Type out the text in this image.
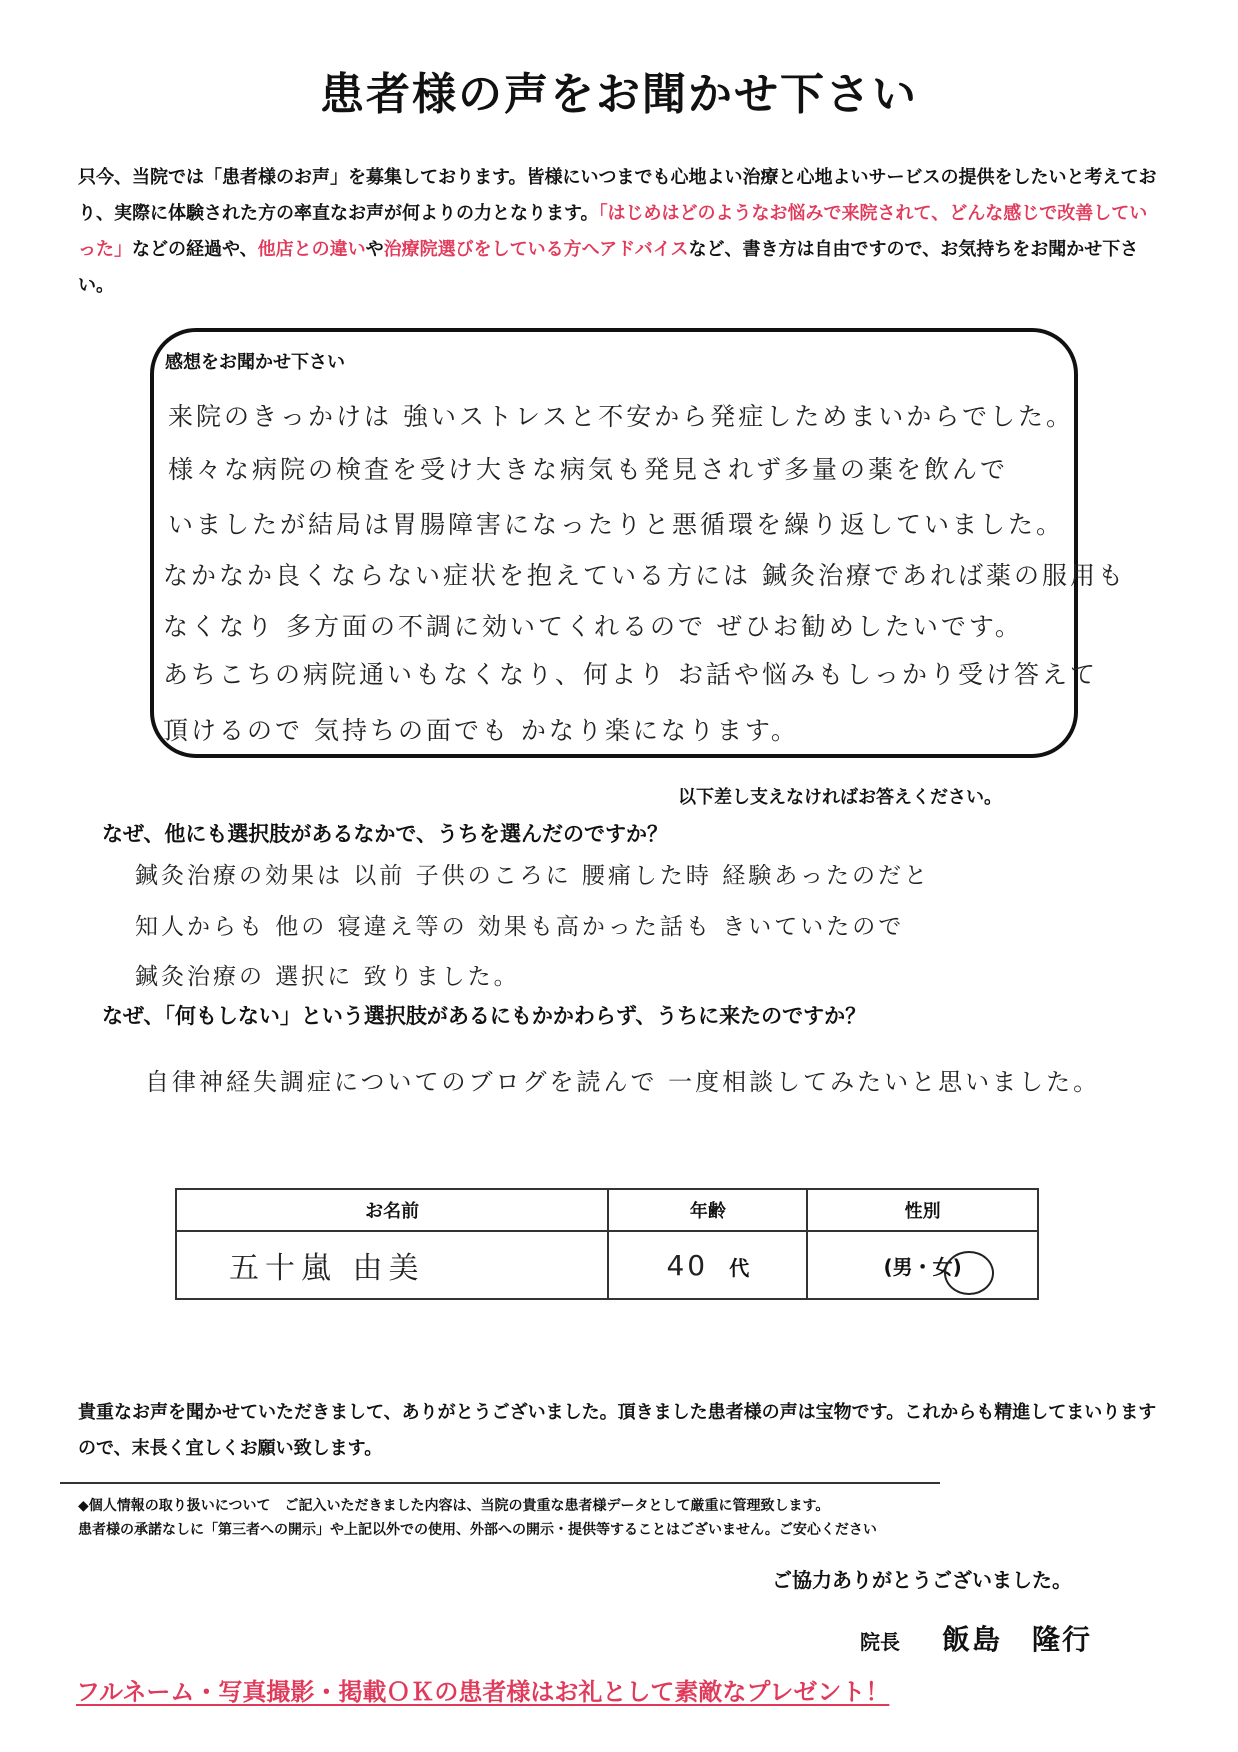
患者様の声をお聞かせ下さい
只今、当院では「患者様のお声」を募集しております。皆様にいつまでも心地よい治療と心地よいサービスの提供をしたいと考えており、実際に体験された方の率直なお声が何よりの力となります。「はじめはどのようなお悩みで来院されて、どんな感じで改善していった」などの経過や、他店との違いや治療院選びをしている方へアドバイスなど、書き方は自由ですので、お気持ちをお聞かせ下さい。
感想をお聞かせ下さい
来院のきっかけは 強いストレスと不安から発症しためまいからでした。
様々な病院の検査を受け大きな病気も発見されず多量の薬を飲んで
いましたが結局は胃腸障害になったりと悪循環を繰り返していました。
なかなか良くならない症状を抱えている方には 鍼灸治療であれば薬の服用も
なくなり 多方面の不調に効いてくれるので ぜひお勧めしたいです。
あちこちの病院通いもなくなり、何より お話や悩みもしっかり受け答えて
頂けるので 気持ちの面でも かなり楽になります。
以下差し支えなければお答えください。
なぜ、他にも選択肢があるなかで、うちを選んだのですか？
鍼灸治療の効果は 以前 子供のころに 腰痛した時 経験あったのだと
知人からも 他の 寝違え等の 効果も高かった話も きいていたので
鍼灸治療の 選択に 致りました。
なぜ、「何もしない」という選択肢があるにもかかわらず、うちに来たのですか？
自律神経失調症についてのブログを読んで 一度相談してみたいと思いました。
お名前	年齢	性別
五十嵐 由美	40 代	(男・女)
貴重なお声を聞かせていただきまして、ありがとうございました。頂きました患者様の声は宝物です。これからも精進してまいりますので、末長く宜しくお願い致します。
◆個人情報の取り扱いについて　ご記入いただきました内容は、当院の貴重な患者様データとして厳重に管理致します。
患者様の承諾なしに「第三者への開示」や上記以外での使用、外部への開示・提供等することはございません。ご安心ください
ご協力ありがとうございました。
院長 飯島　隆行
フルネーム・写真撮影・掲載ＯＫの患者様はお礼として素敵なプレゼント！
